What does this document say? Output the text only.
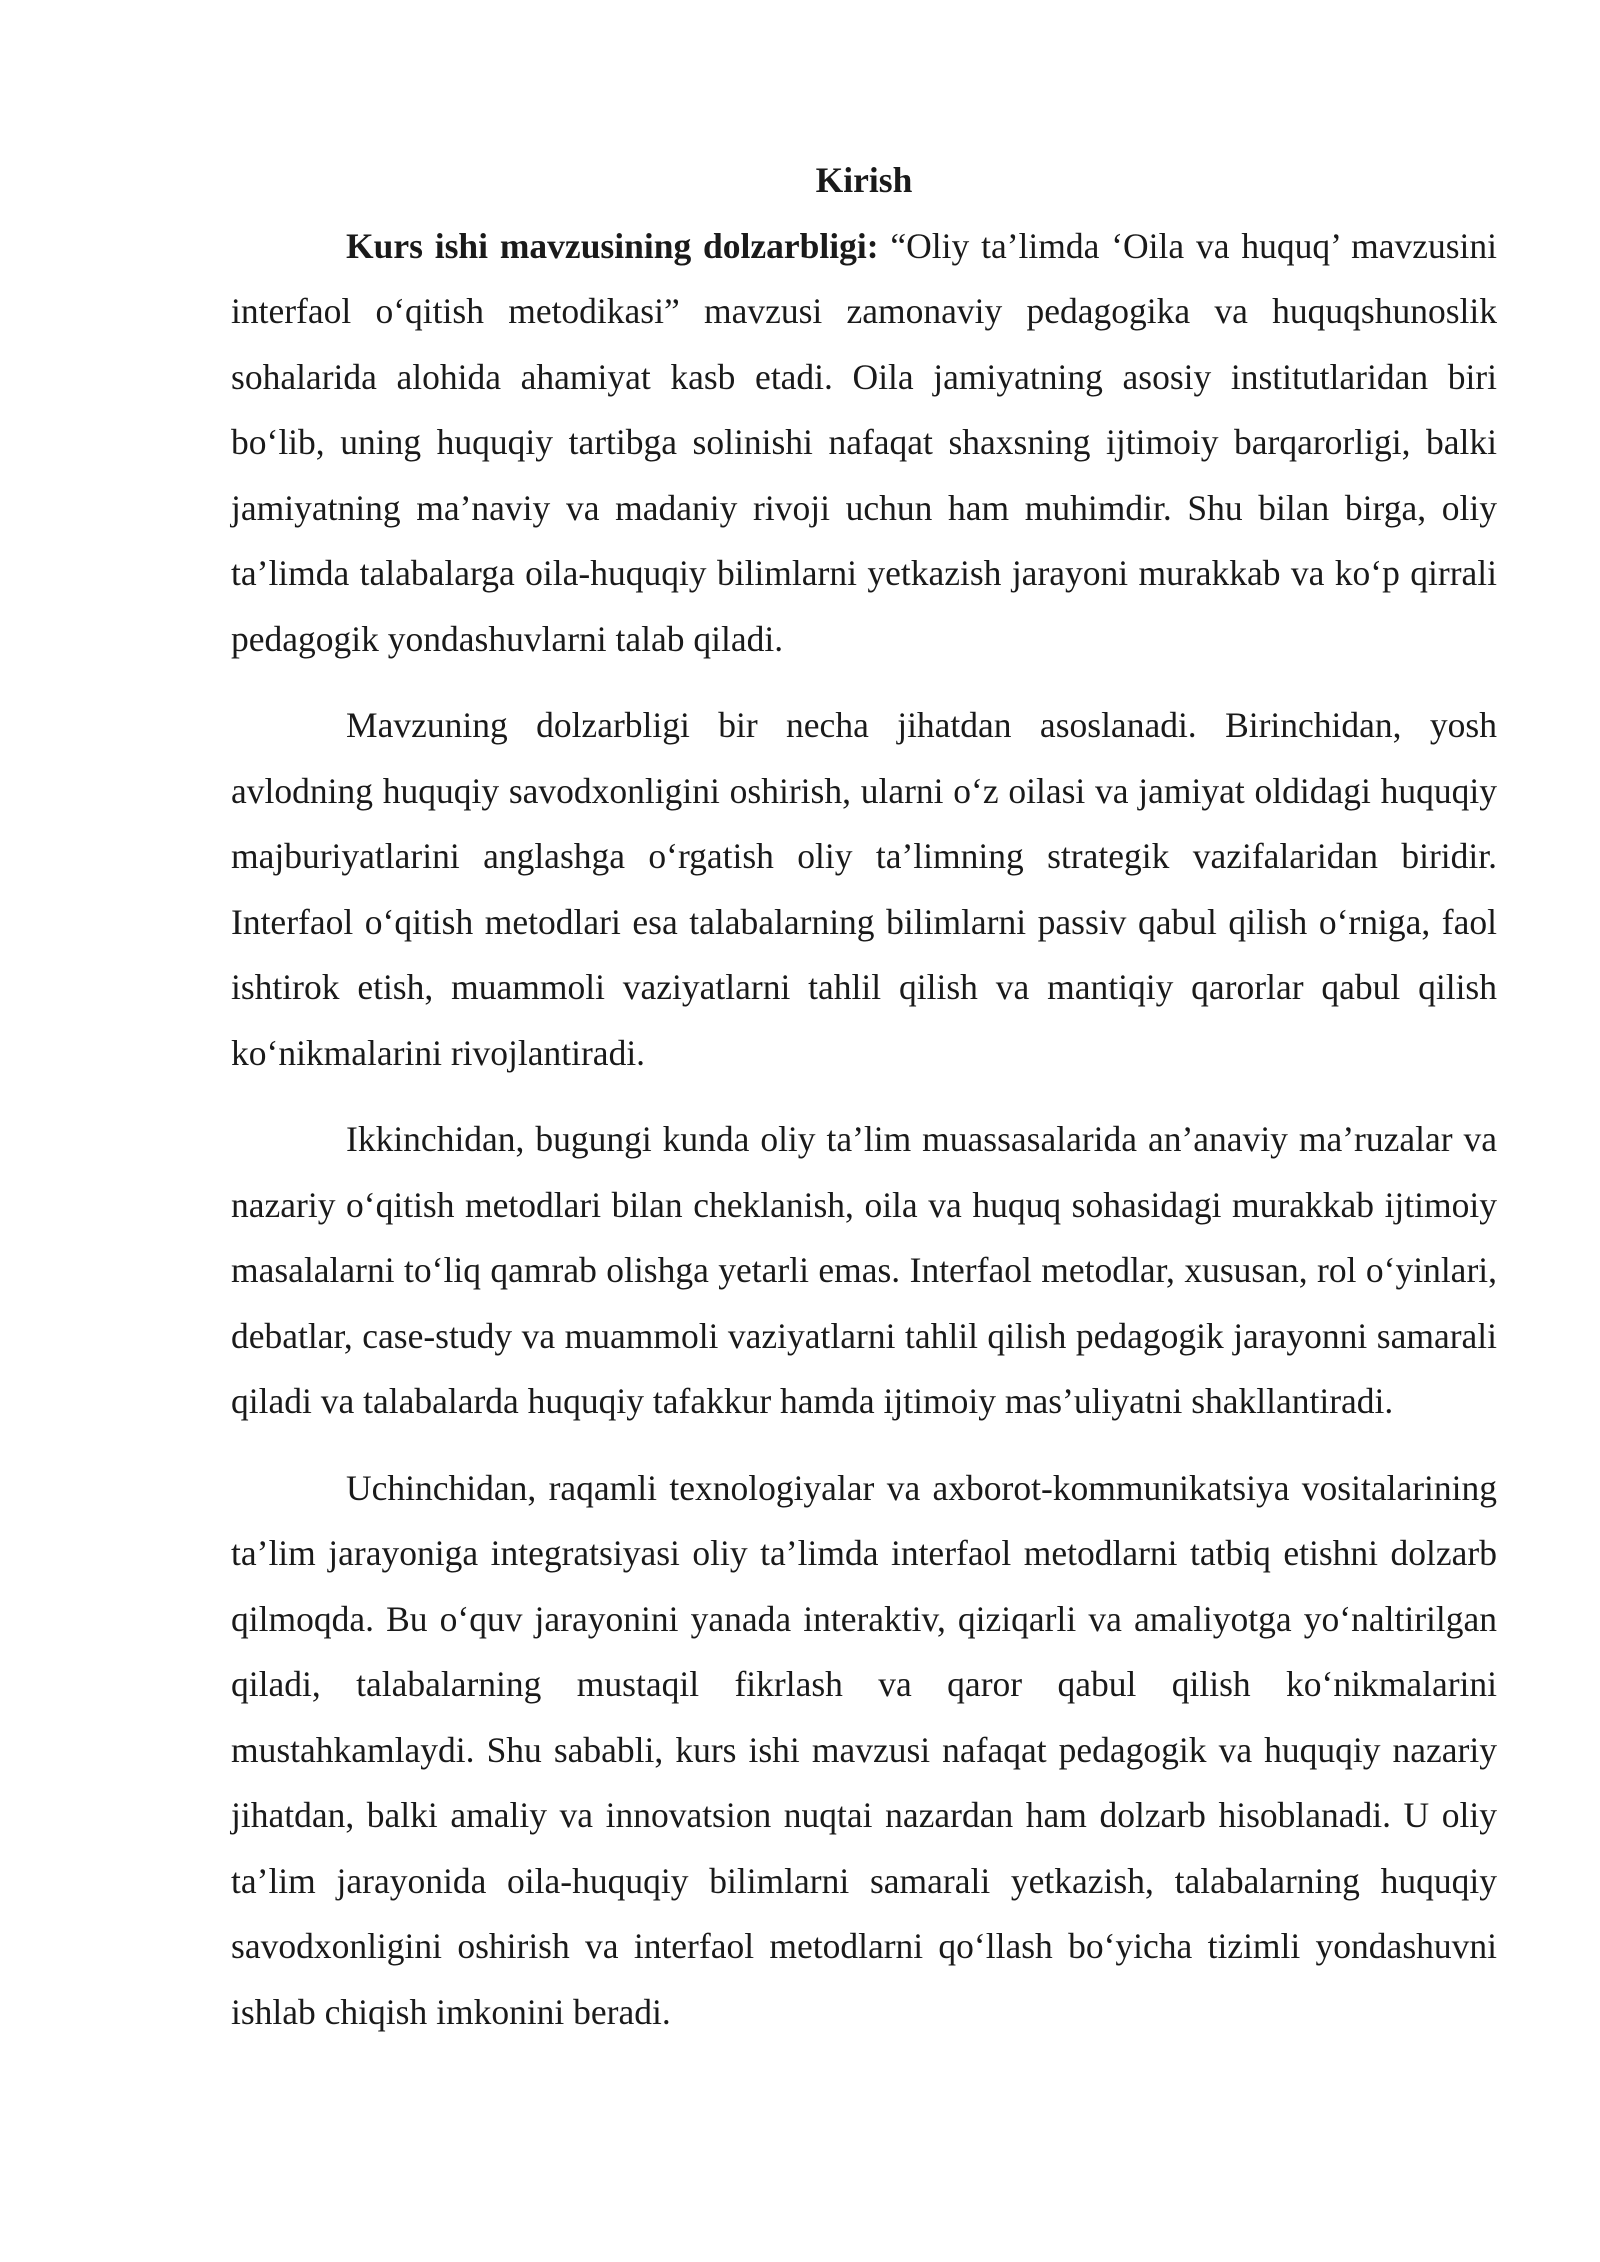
Kirish

Kurs ishi mavzusining dolzarbligi: “Oliy ta’limda ‘Oila va huquq’ mavzusini interfaol o‘qitish metodikasi” mavzusi zamonaviy pedagogika va huquqshunoslik sohalarida alohida ahamiyat kasb etadi. Oila jamiyatning asosiy institutlaridan biri bo‘lib, uning huquqiy tartibga solinishi nafaqat shaxsning ijtimoiy barqarorligi, balki jamiyatning ma’naviy va madaniy rivoji uchun ham muhimdir. Shu bilan birga, oliy ta’limda talabalarga oila-huquqiy bilimlarni yetkazish jarayoni murakkab va ko‘p qirrali pedagogik yondashuvlarni talab qiladi.

Mavzuning dolzarbligi bir necha jihatdan asoslanadi. Birinchidan, yosh avlodning huquqiy savodxonligini oshirish, ularni o‘z oilasi va jamiyat oldidagi huquqiy majburiyatlarini anglashga o‘rgatish oliy ta’limning strategik vazifalaridan biridir. Interfaol o‘qitish metodlari esa talabalarning bilimlarni passiv qabul qilish o‘rniga, faol ishtirok etish, muammoli vaziyatlarni tahlil qilish va mantiqiy qarorlar qabul qilish ko‘nikmalarini rivojlantiradi.

Ikkinchidan, bugungi kunda oliy ta’lim muassasalarida an’anaviy ma’ruzalar va nazariy o‘qitish metodlari bilan cheklanish, oila va huquq sohasidagi murakkab ijtimoiy masalalarni to‘liq qamrab olishga yetarli emas. Interfaol metodlar, xususan, rol o‘yinlari, debatlar, case-study va muammoli vaziyatlarni tahlil qilish pedagogik jarayonni samarali qiladi va talabalarda huquqiy tafakkur hamda ijtimoiy mas’uliyatni shakllantiradi.

Uchinchidan, raqamli texnologiyalar va axborot-kommunikatsiya vositalarining ta’lim jarayoniga integratsiyasi oliy ta’limda interfaol metodlarni tatbiq etishni dolzarb qilmoqda. Bu o‘quv jarayonini yanada interaktiv, qiziqarli va amaliyotga yo‘naltirilgan qiladi, talabalarning mustaqil fikrlash va qaror qabul qilish ko‘nikmalarini mustahkamlaydi. Shu sababli, kurs ishi mavzusi nafaqat pedagogik va huquqiy nazariy jihatdan, balki amaliy va innovatsion nuqtai nazardan ham dolzarb hisoblanadi. U oliy ta’lim jarayonida oila-huquqiy bilimlarni samarali yetkazish, talabalarning huquqiy savodxonligini oshirish va interfaol metodlarni qo‘llash bo‘yicha tizimli yondashuvni ishlab chiqish imkonini beradi.
